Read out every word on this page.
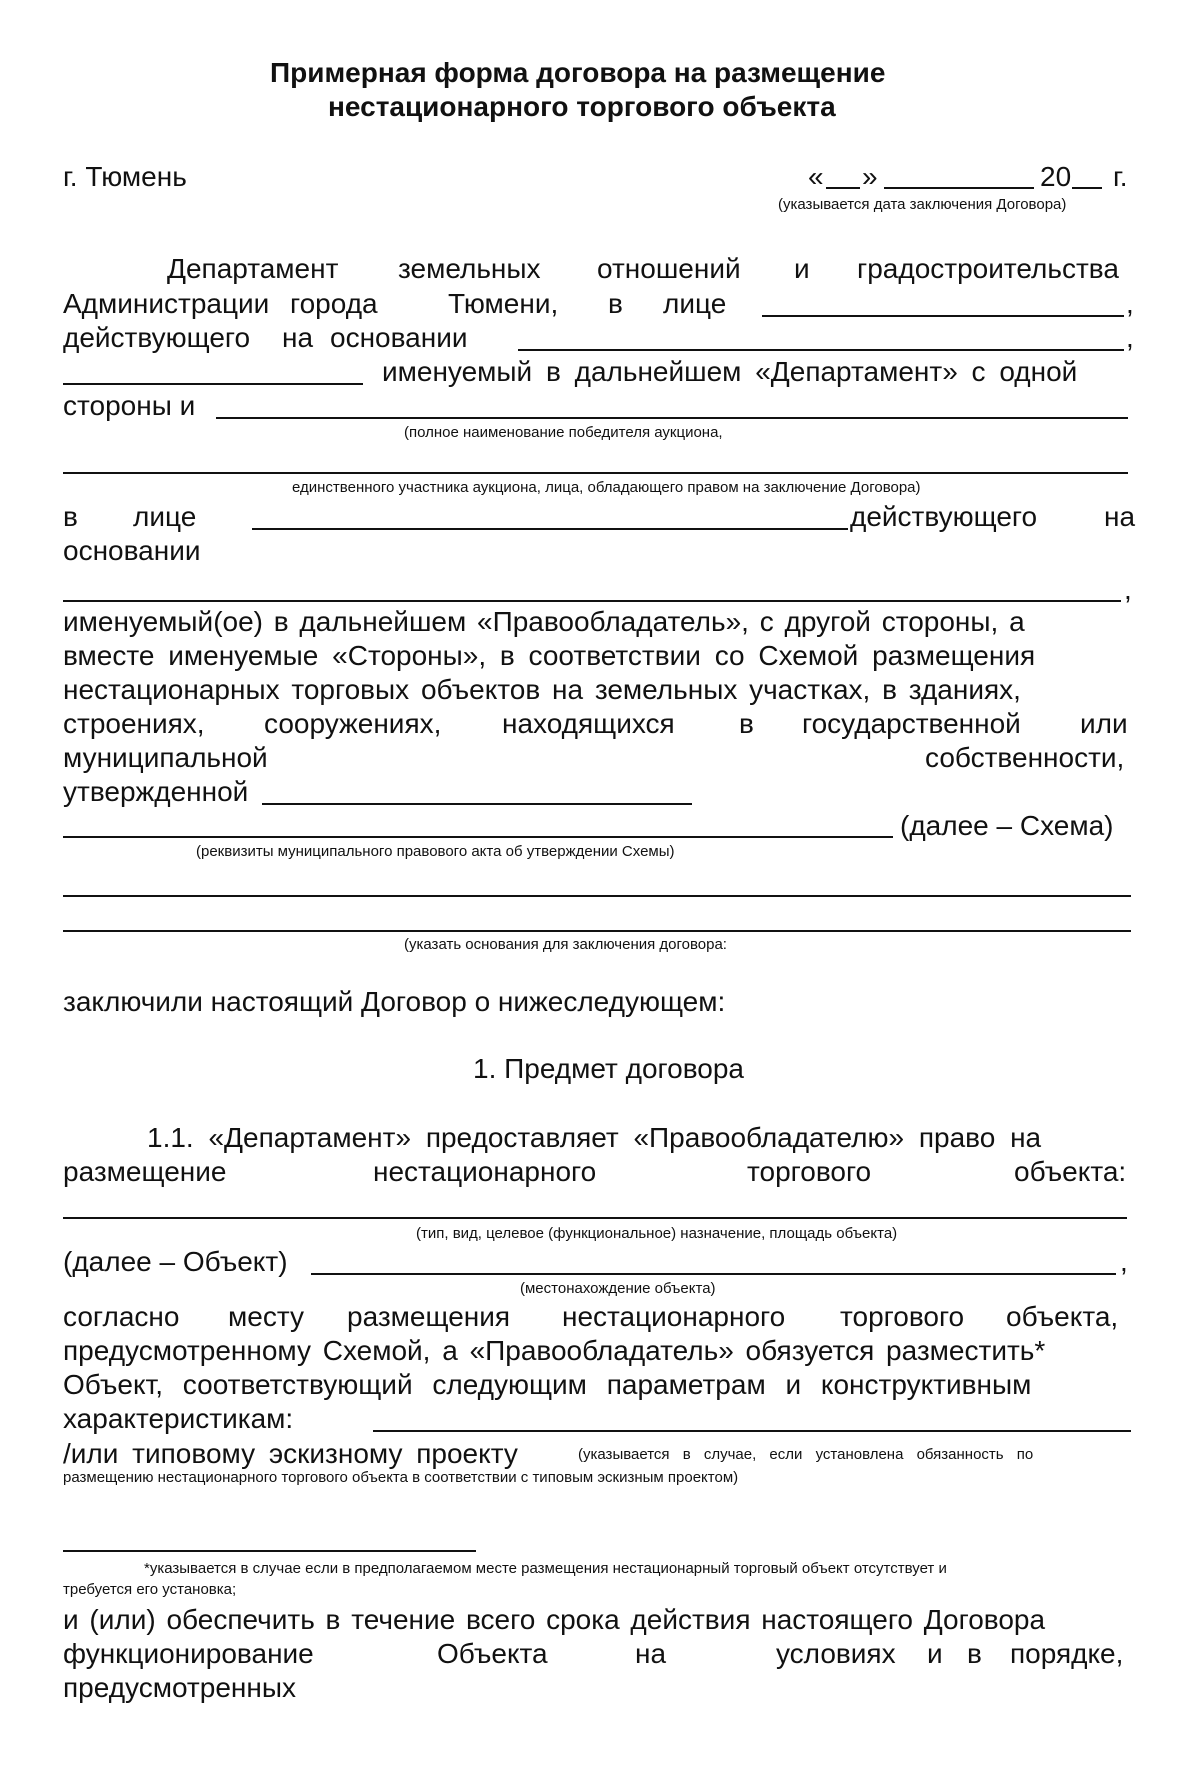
Примерная форма договора на размещение
нестационарного торгового объекта
г. Тюмень	« »	20 г.
(указывается дата заключения Договора)
Департамент земельных отношений и градостроительства
Администрации города	Тюмени, в лице	,
действующего на основании	,
именуемый в дальнейшем «Департамент» с одной
стороны и
(полное наименование победителя аукциона,
единственного участника аукциона, лица, обладающего правом на заключение Договора)
в лице	действующего на
основании
,
именуемый(ое) в дальнейшем «Правообладатель», с другой стороны, а
вместе именуемые «Стороны», в соответствии со Схемой размещения
нестационарных торговых объектов на земельных участках, в зданиях,
строениях, сооружениях, находящихся в государственной или
муниципальной	собственности,
утвержденной
(далее – Схема)
(реквизиты муниципального правового акта об утверждении Схемы)
(указать основания для заключения договора:
заключили настоящий Договор о нижеследующем:
1. Предмет договора
1.1. «Департамент» предоставляет «Правообладателю» право на
размещение	нестационарного	торгового	объекта:
(тип, вид, целевое (функциональное) назначение, площадь объекта)
(далее – Объект)	,
(местонахождение объекта)
согласно месту размещения нестационарного торгового объекта,
предусмотренному Схемой, а «Правообладатель» обязуется разместить*
Объект, соответствующий следующим параметрам и конструктивным
характеристикам:
/или типовому эскизному проекту	(указывается в случае, если установлена обязанность по
размещению нестационарного торгового объекта в соответствии с типовым эскизным проектом)
*указывается в случае если в предполагаемом месте размещения нестационарный торговый объект отсутствует и
требуется его установка;
и (или) обеспечить в течение всего срока действия настоящего Договора
функционирование	Объекта	на	условиях и в порядке,
предусмотренных
